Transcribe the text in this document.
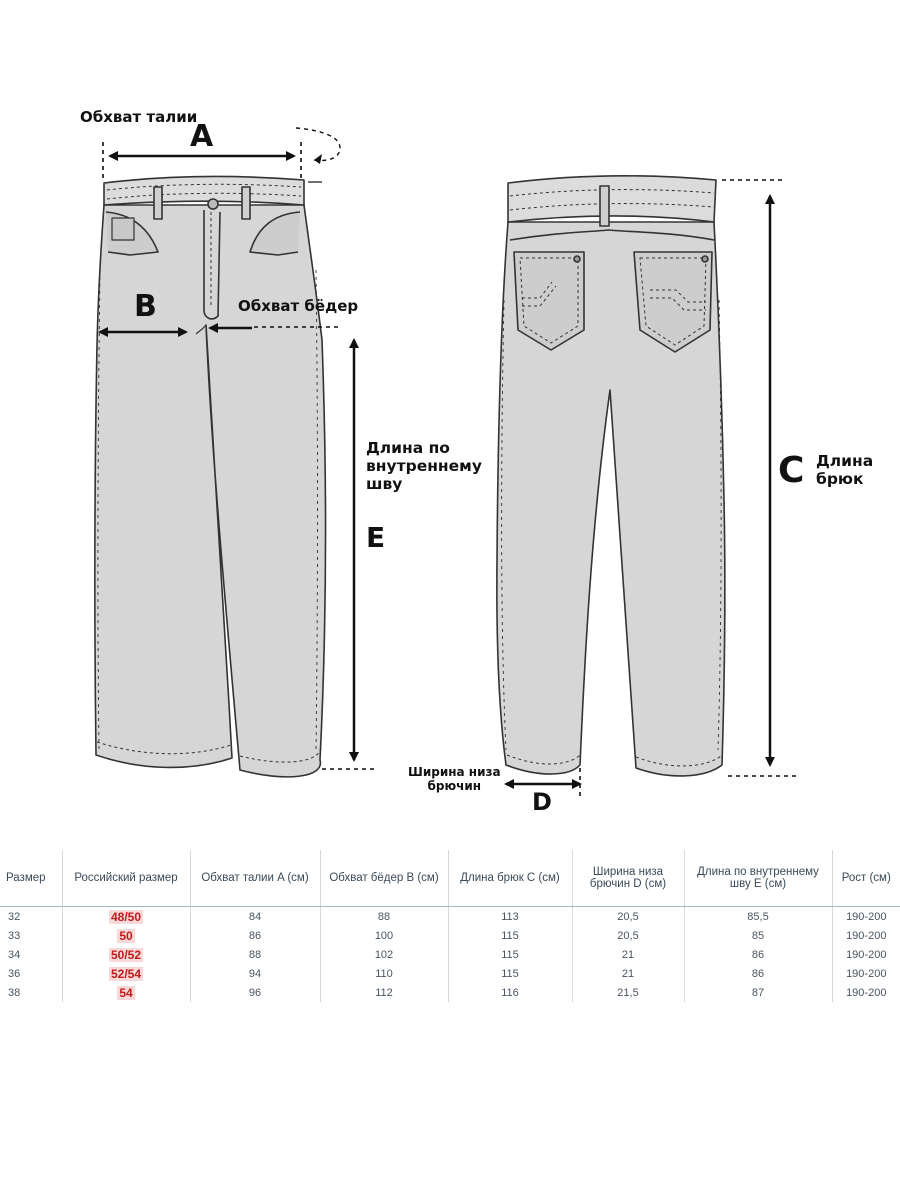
Обхват талии
A
B	Обхват бёдер
Длина по
внутреннему
шву
E
C Длина
брюк
Ширина низа
брючин
D
Размер	Российский размер	Обхват талии A (см)	Обхват бёдер B (см)	Длина брюк C (см)	Ширина низа брючин D (см)	Длина по внутреннему шву E (см)	Рост (см)
32	48/50	84	88	113	20,5	85,5	190-200
33	50	86	100	115	20,5	85	190-200
34	50/52	88	102	115	21	86	190-200
36	52/54	94	110	115	21	86	190-200
38	54	96	112	116	21,5	87	190-200
